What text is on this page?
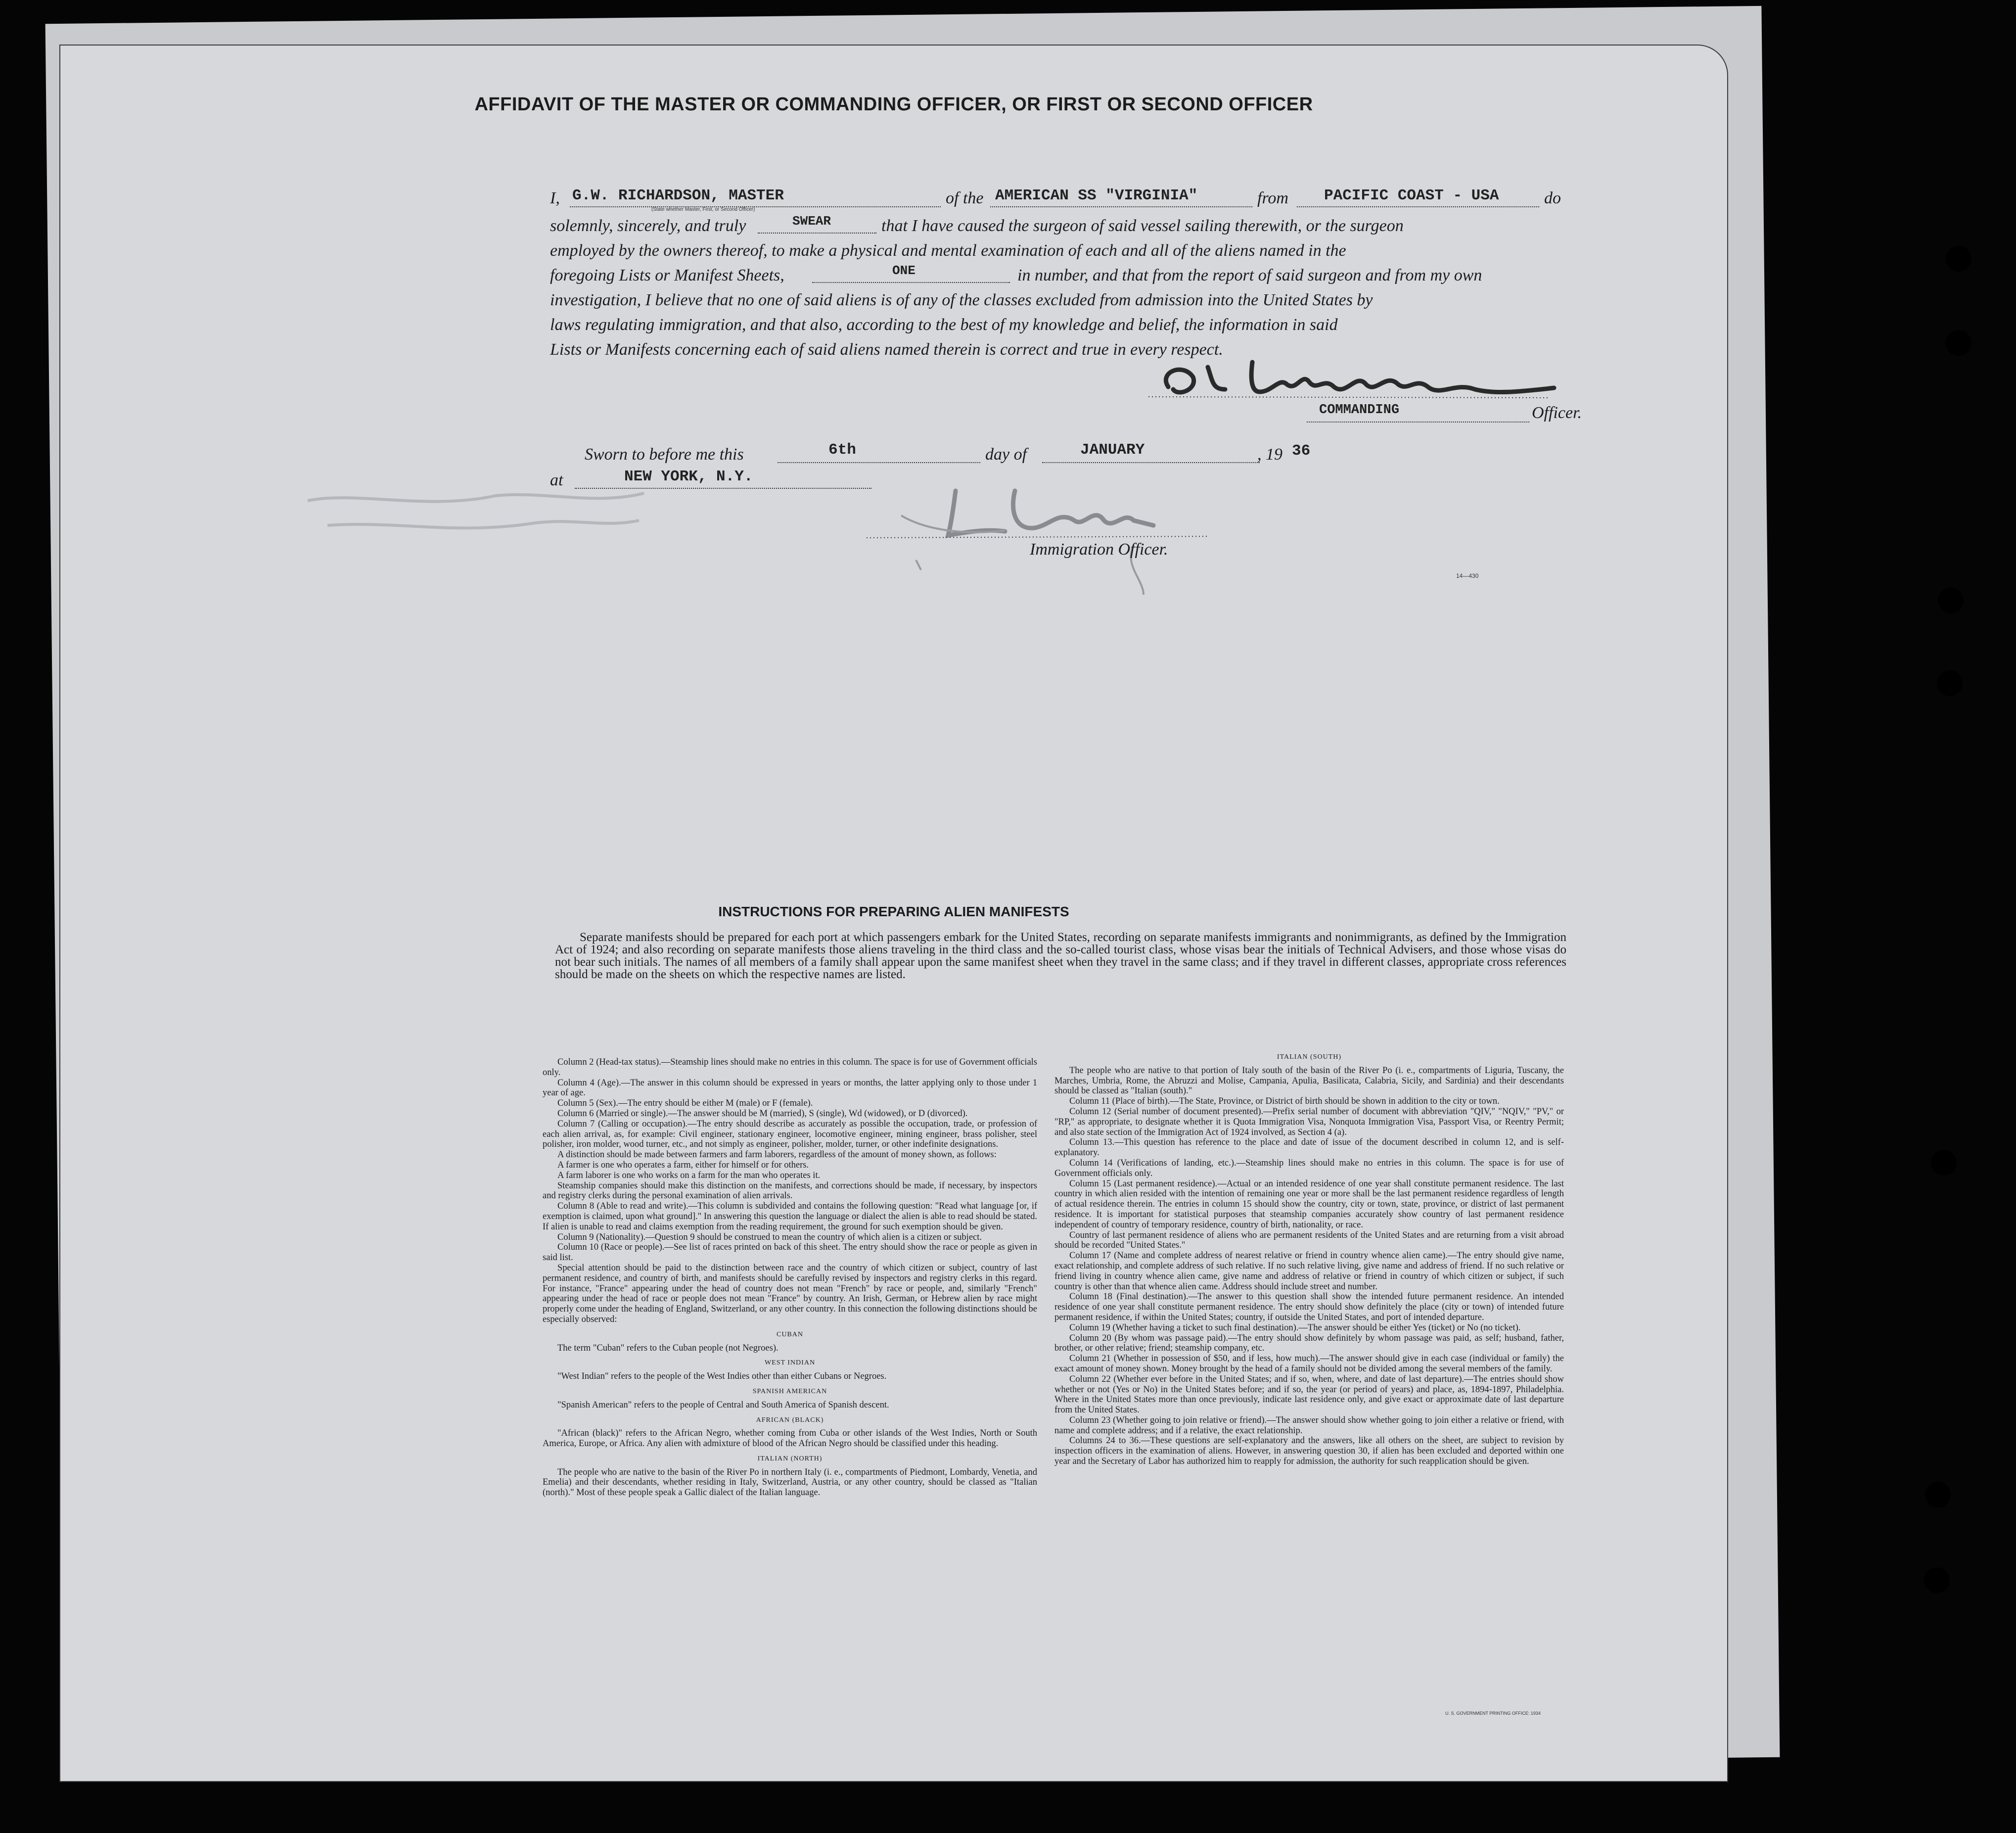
AFFIDAVIT OF THE MASTER OR COMMANDING OFFICER, OR FIRST OR SECOND OFFICER
I, G.W. RICHARDSON, MASTER	of the AMERICAN SS "VIRGINIA"	from PACIFIC COAST - USA	do
(State whether Master, First, or Second Officer)
solemnly, sincerely, and truly	SWEAR	that I have caused the surgeon of said vessel sailing therewith, or the surgeon
employed by the owners thereof, to make a physical and mental examination of each and all of the aliens named in the
foregoing Lists or Manifest Sheets,	ONE	in number, and that from the report of said surgeon and from my own
investigation, I believe that no one of said aliens is of any of the classes excluded from admission into the United States by
laws regulating immigration, and that also, according to the best of my knowledge and belief, the information in said
Lists or Manifests concerning each of said aliens named therein is correct and true in every respect.
COMMANDING	Officer.
Sworn to before me this	6th	day of	JANUARY	, 19 36
at	NEW YORK, N.Y.
Immigration Officer.
14—430
INSTRUCTIONS FOR PREPARING ALIEN MANIFESTS
Separate manifests should be prepared for each port at which passengers embark for the United States, recording on separate manifests immigrants and nonimmigrants, as defined by the Immigration Act of 1924; and also recording on separate manifests those aliens traveling in the third class and the so-called tourist class, whose visas bear the initials of Technical Advisers, and those whose visas do not bear such initials. The names of all members of a family shall appear upon the same manifest sheet when they travel in the same class; and if they travel in different classes, appropriate cross references should be made on the sheets on which the respective names are listed.

Column 2 (Head-tax status).—Steamship lines should make no entries in this column. The space is for use of Government officials only.

Column 4 (Age).—The answer in this column should be expressed in years or months, the latter applying only to those under 1 year of age.

Column 5 (Sex).—The entry should be either M (male) or F (female).

Column 6 (Married or single).—The answer should be M (married), S (single), Wd (widowed), or D (divorced).

Column 7 (Calling or occupation).—The entry should describe as accurately as possible the occupation, trade, or profession of each alien arrival, as, for example: Civil engineer, stationary engineer, locomotive engineer, mining engineer, brass polisher, steel polisher, iron molder, wood turner, etc., and not simply as engineer, polisher, molder, turner, or other indefinite designations.

A distinction should be made between farmers and farm laborers, regardless of the amount of money shown, as follows:

A farmer is one who operates a farm, either for himself or for others.

A farm laborer is one who works on a farm for the man who operates it.

Steamship companies should make this distinction on the manifests, and corrections should be made, if necessary, by inspectors and registry clerks during the personal examination of alien arrivals.

Column 8 (Able to read and write).—This column is subdivided and contains the following question: "Read what language [or, if exemption is claimed, upon what ground]." In answering this question the language or dialect the alien is able to read should be stated. If alien is unable to read and claims exemption from the reading requirement, the ground for such exemption should be given.

Column 9 (Nationality).—Question 9 should be construed to mean the country of which alien is a citizen or subject.

Column 10 (Race or people).—See list of races printed on back of this sheet. The entry should show the race or people as given in said list.

Special attention should be paid to the distinction between race and the country of which citizen or subject, country of last permanent residence, and country of birth, and manifests should be carefully revised by inspectors and registry clerks in this regard. For instance, "France" appearing under the head of country does not mean "French" by race or people, and, similarly "French" appearing under the head of race or people does not mean "France" by country. An Irish, German, or Hebrew alien by race might properly come under the heading of England, Switzerland, or any other country. In this connection the following distinctions should be especially observed:

CUBAN

The term "Cuban" refers to the Cuban people (not Negroes).

WEST INDIAN

"West Indian" refers to the people of the West Indies other than either Cubans or Negroes.

SPANISH AMERICAN

"Spanish American" refers to the people of Central and South America of Spanish descent.

AFRICAN (BLACK)

"African (black)" refers to the African Negro, whether coming from Cuba or other islands of the West Indies, North or South America, Europe, or Africa. Any alien with admixture of blood of the African Negro should be classified under this heading.

ITALIAN (NORTH)

The people who are native to the basin of the River Po in northern Italy (i. e., compartments of Piedmont, Lombardy, Venetia, and Emelia) and their descendants, whether residing in Italy, Switzerland, Austria, or any other country, should be classed as "Italian (north)." Most of these people speak a Gallic dialect of the Italian language.

ITALIAN (SOUTH)

The people who are native to that portion of Italy south of the basin of the River Po (i. e., compartments of Liguria, Tuscany, the Marches, Umbria, Rome, the Abruzzi and Molise, Campania, Apulia, Basilicata, Calabria, Sicily, and Sardinia) and their descendants should be classed as "Italian (south)."

Column 11 (Place of birth).—The State, Province, or District of birth should be shown in addition to the city or town.

Column 12 (Serial number of document presented).—Prefix serial number of document with abbreviation "QIV," "NQIV," "PV," or "RP," as appropriate, to designate whether it is Quota Immigration Visa, Nonquota Immigration Visa, Passport Visa, or Reentry Permit; and also state section of the Immigration Act of 1924 involved, as Section 4 (a).

Column 13.—This question has reference to the place and date of issue of the document described in column 12, and is self-explanatory.

Column 14 (Verifications of landing, etc.).—Steamship lines should make no entries in this column. The space is for use of Government officials only.

Column 15 (Last permanent residence).—Actual or an intended residence of one year shall constitute permanent residence. The last country in which alien resided with the intention of remaining one year or more shall be the last permanent residence regardless of length of actual residence therein. The entries in column 15 should show the country, city or town, state, province, or district of last permanent residence. It is important for statistical purposes that steamship companies accurately show country of last permanent residence independent of country of temporary residence, country of birth, nationality, or race.

Country of last permanent residence of aliens who are permanent residents of the United States and are returning from a visit abroad should be recorded "United States."

Column 17 (Name and complete address of nearest relative or friend in country whence alien came).—The entry should give name, exact relationship, and complete address of such relative. If no such relative living, give name and address of friend. If no such relative or friend living in country whence alien came, give name and address of relative or friend in country of which citizen or subject, if such country is other than that whence alien came. Address should include street and number.

Column 18 (Final destination).—The answer to this question shall show the intended future permanent residence. An intended residence of one year shall constitute permanent residence. The entry should show definitely the place (city or town) of intended future permanent residence, if within the United States; country, if outside the United States, and port of intended departure.

Column 19 (Whether having a ticket to such final destination).—The answer should be either Yes (ticket) or No (no ticket).

Column 20 (By whom was passage paid).—The entry should show definitely by whom passage was paid, as self; husband, father, brother, or other relative; friend; steamship company, etc.

Column 21 (Whether in possession of $50, and if less, how much).—The answer should give in each case (individual or family) the exact amount of money shown. Money brought by the head of a family should not be divided among the several members of the family.

Column 22 (Whether ever before in the United States; and if so, when, where, and date of last departure).—The entries should show whether or not (Yes or No) in the United States before; and if so, the year (or period of years) and place, as, 1894-1897, Philadelphia. Where in the United States more than once previously, indicate last residence only, and give exact or approximate date of last departure from the United States.

Column 23 (Whether going to join relative or friend).—The answer should show whether going to join either a relative or friend, with name and complete address; and if a relative, the exact relationship.

Columns 24 to 36.—These questions are self-explanatory and the answers, like all others on the sheet, are subject to revision by inspection officers in the examination of aliens. However, in answering question 30, if alien has been excluded and deported within one year and the Secretary of Labor has authorized him to reapply for admission, the authority for such reapplication should be given.

U. S. GOVERNMENT PRINTING OFFICE: 1934
